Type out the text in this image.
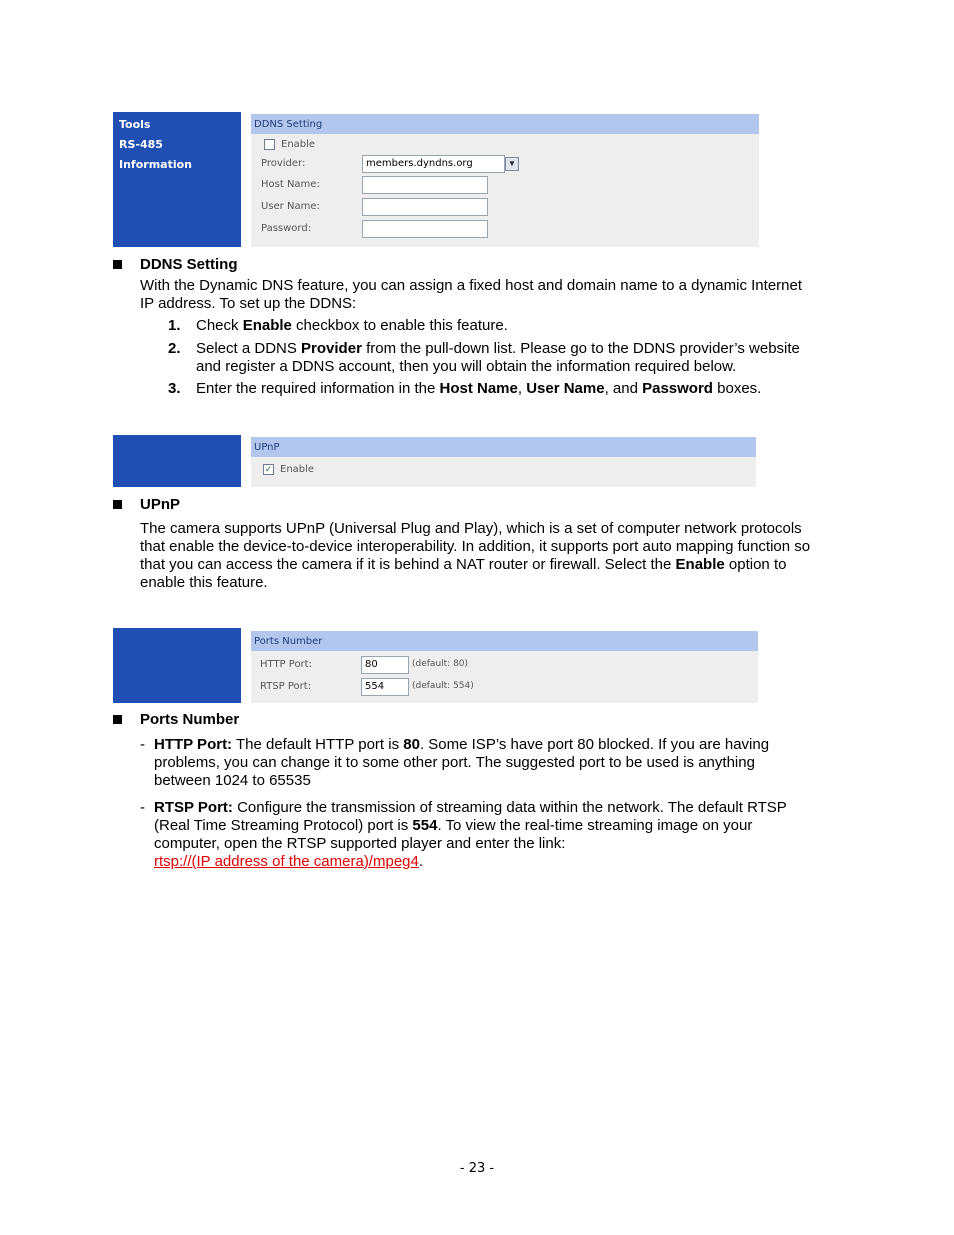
Tools
RS-485
Information
DDNS Setting
Enable
Provider:	members.dyndns.org	▼
Host Name:
User Name:
Password:
DDNS Setting
With the Dynamic DNS feature, you can assign a fixed host and domain name to a dynamic Internet
IP address. To set up the DDNS:
1. Check Enable checkbox to enable this feature.
2. Select a DDNS Provider from the pull-down list. Please go to the DDNS provider’s website
and register a DDNS account, then you will obtain the information required below.
3. Enter the required information in the Host Name, User Name, and Password boxes.
UPnP
✓ Enable
UPnP
The camera supports UPnP (Universal Plug and Play), which is a set of computer network protocols
that enable the device-to-device interoperability. In addition, it supports port auto mapping function so
that you can access the camera if it is behind a NAT router or firewall. Select the Enable option to
enable this feature.
Ports Number
HTTP Port:	80	(default: 80)
RTSP Port:	554	(default: 554)
Ports Number
- HTTP Port: The default HTTP port is 80. Some ISP’s have port 80 blocked. If you are having
problems, you can change it to some other port. The suggested port to be used is anything
between 1024 to 65535
- RTSP Port: Configure the transmission of streaming data within the network. The default RTSP
(Real Time Streaming Protocol) port is 554. To view the real-time streaming image on your
computer, open the RTSP supported player and enter the link:
rtsp://(IP address of the camera)/mpeg4.
- 23 -
